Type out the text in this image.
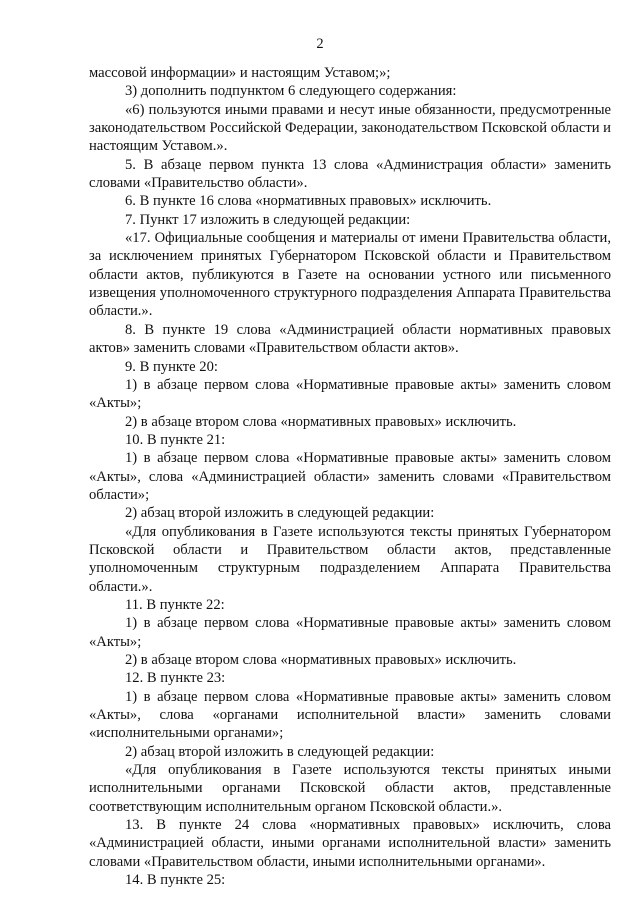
2

массовой информации» и настоящим Уставом;»;

3) дополнить подпунктом 6 следующего содержания:

«6) пользуются иными правами и несут иные обязанности, предусмотренные законодательством Российской Федерации, законодательством Псковской области и настоящим Уставом.».

5. В абзаце первом пункта 13 слова «Администрация области» заменить словами «Правительство области».

6. В пункте 16 слова «нормативных правовых» исключить.

7. Пункт 17 изложить в следующей редакции:

«17. Официальные сообщения и материалы от имени Правительства области, за исключением принятых Губернатором Псковской области и Правительством области актов, публикуются в Газете на основании устного или письменного извещения уполномоченного структурного подразделения Аппарата Правительства области.».

8. В пункте 19 слова «Администрацией области нормативных правовых актов» заменить словами «Правительством области актов».

9. В пункте 20:

1) в абзаце первом слова «Нормативные правовые акты» заменить словом «Акты»;

2) в абзаце втором слова «нормативных правовых» исключить.

10. В пункте 21:

1) в абзаце первом слова «Нормативные правовые акты» заменить словом «Акты», слова «Администрацией области» заменить словами «Правительством области»;

2) абзац второй изложить в следующей редакции:

«Для опубликования в Газете используются тексты принятых Губернатором Псковской области и Правительством области актов, представленные уполномоченным структурным подразделением Аппарата Правительства области.».

11. В пункте 22:

1) в абзаце первом слова «Нормативные правовые акты» заменить словом «Акты»;

2) в абзаце втором слова «нормативных правовых» исключить.

12. В пункте 23:

1) в абзаце первом слова «Нормативные правовые акты» заменить словом «Акты», слова «органами исполнительной власти» заменить словами «исполнительными органами»;

2) абзац второй изложить в следующей редакции:

«Для опубликования в Газете используются тексты принятых иными исполнительными органами Псковской области актов, представленные соответствующим исполнительным органом Псковской области.».

13. В пункте 24 слова «нормативных правовых» исключить, слова «Администрацией области, иными органами исполнительной власти» заменить словами «Правительством области, иными исполнительными органами».

14. В пункте 25:
